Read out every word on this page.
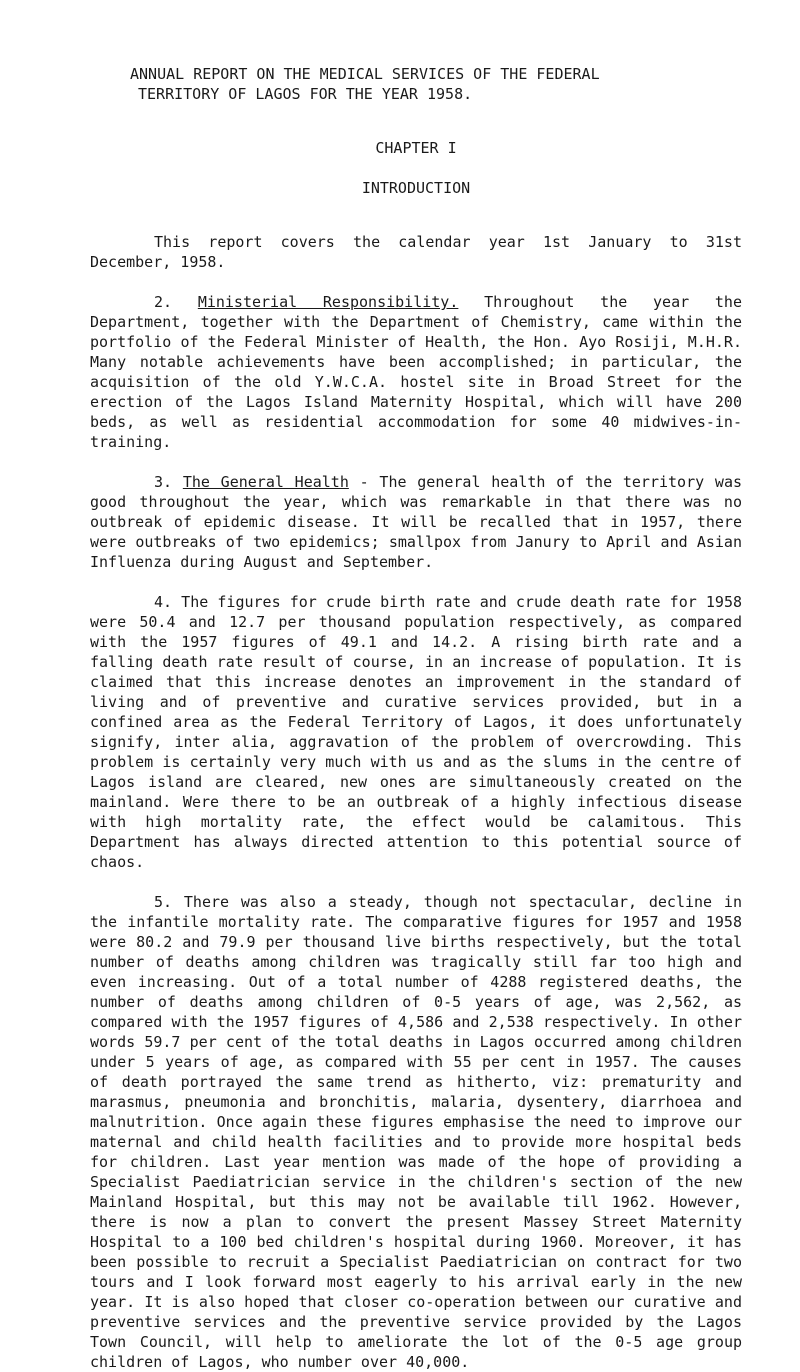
ANNUAL REPORT ON THE MEDICAL SERVICES OF THE FEDERAL
TERRITORY OF LAGOS FOR THE YEAR 1958.
CHAPTER I
INTRODUCTION

This report covers the calendar year 1st January to 31st December, 1958.

2. Ministerial Responsibility. Throughout the year the Department, together with the Department of Chemistry, came within the portfolio of the Federal Minister of Health, the Hon. Ayo Rosiji, M.H.R. Many notable achievements have been accomplished; in particular, the acquisition of the old Y.W.C.A. hostel site in Broad Street for the erection of the Lagos Island Maternity Hospital, which will have 200 beds, as well as residential accommodation for some 40 midwives-in-training.

3. The General Health - The general health of the territory was good throughout the year, which was remarkable in that there was no outbreak of epidemic disease. It will be recalled that in 1957, there were outbreaks of two epidemics; smallpox from Janury to April and Asian Influenza during August and September.

4. The figures for crude birth rate and crude death rate for 1958 were 50.4 and 12.7 per thousand population respectively, as compared with the 1957 figures of 49.1 and 14.2. A rising birth rate and a falling death rate result of course, in an increase of population. It is claimed that this increase denotes an improvement in the standard of living and of preventive and curative services provided, but in a confined area as the Federal Territory of Lagos, it does unfortunately signify, inter alia, aggravation of the problem of overcrowding. This problem is certainly very much with us and as the slums in the centre of Lagos island are cleared, new ones are simultaneously created on the mainland. Were there to be an outbreak of a highly infectious disease with high mortality rate, the effect would be calamitous. This Department has always directed attention to this potential source of chaos.

5. There was also a steady, though not spectacular, decline in the infantile mortality rate. The comparative figures for 1957 and 1958 were 80.2 and 79.9 per thousand live births respectively, but the total number of deaths among children was tragically still far too high and even increasing. Out of a total number of 4288 registered deaths, the number of deaths among children of 0-5 years of age, was 2,562, as compared with the 1957 figures of 4,586 and 2,538 respectively. In other words 59.7 per cent of the total deaths in Lagos occurred among children under 5 years of age, as compared with 55 per cent in 1957. The causes of death portrayed the same trend as hitherto, viz: prematurity and marasmus, pneumonia and bronchitis, malaria, dysentery, diarrhoea and malnutrition. Once again these figures emphasise the need to improve our maternal and child health facilities and to provide more hospital beds for children. Last year mention was made of the hope of providing a Specialist Paediatrician service in the children's section of the new Mainland Hospital, but this may not be available till 1962. However, there is now a plan to convert the present Massey Street Maternity Hospital to a 100 bed children's hospital during 1960. Moreover, it has been possible to recruit a Specialist Paediatrician on contract for two tours and I look forward most eagerly to his arrival early in the new year. It is also hoped that closer co-operation between our curative and preventive services and the preventive service provided by the Lagos Town Council, will help to ameliorate the lot of the 0-5 age group children of Lagos, who number over 40,000.
